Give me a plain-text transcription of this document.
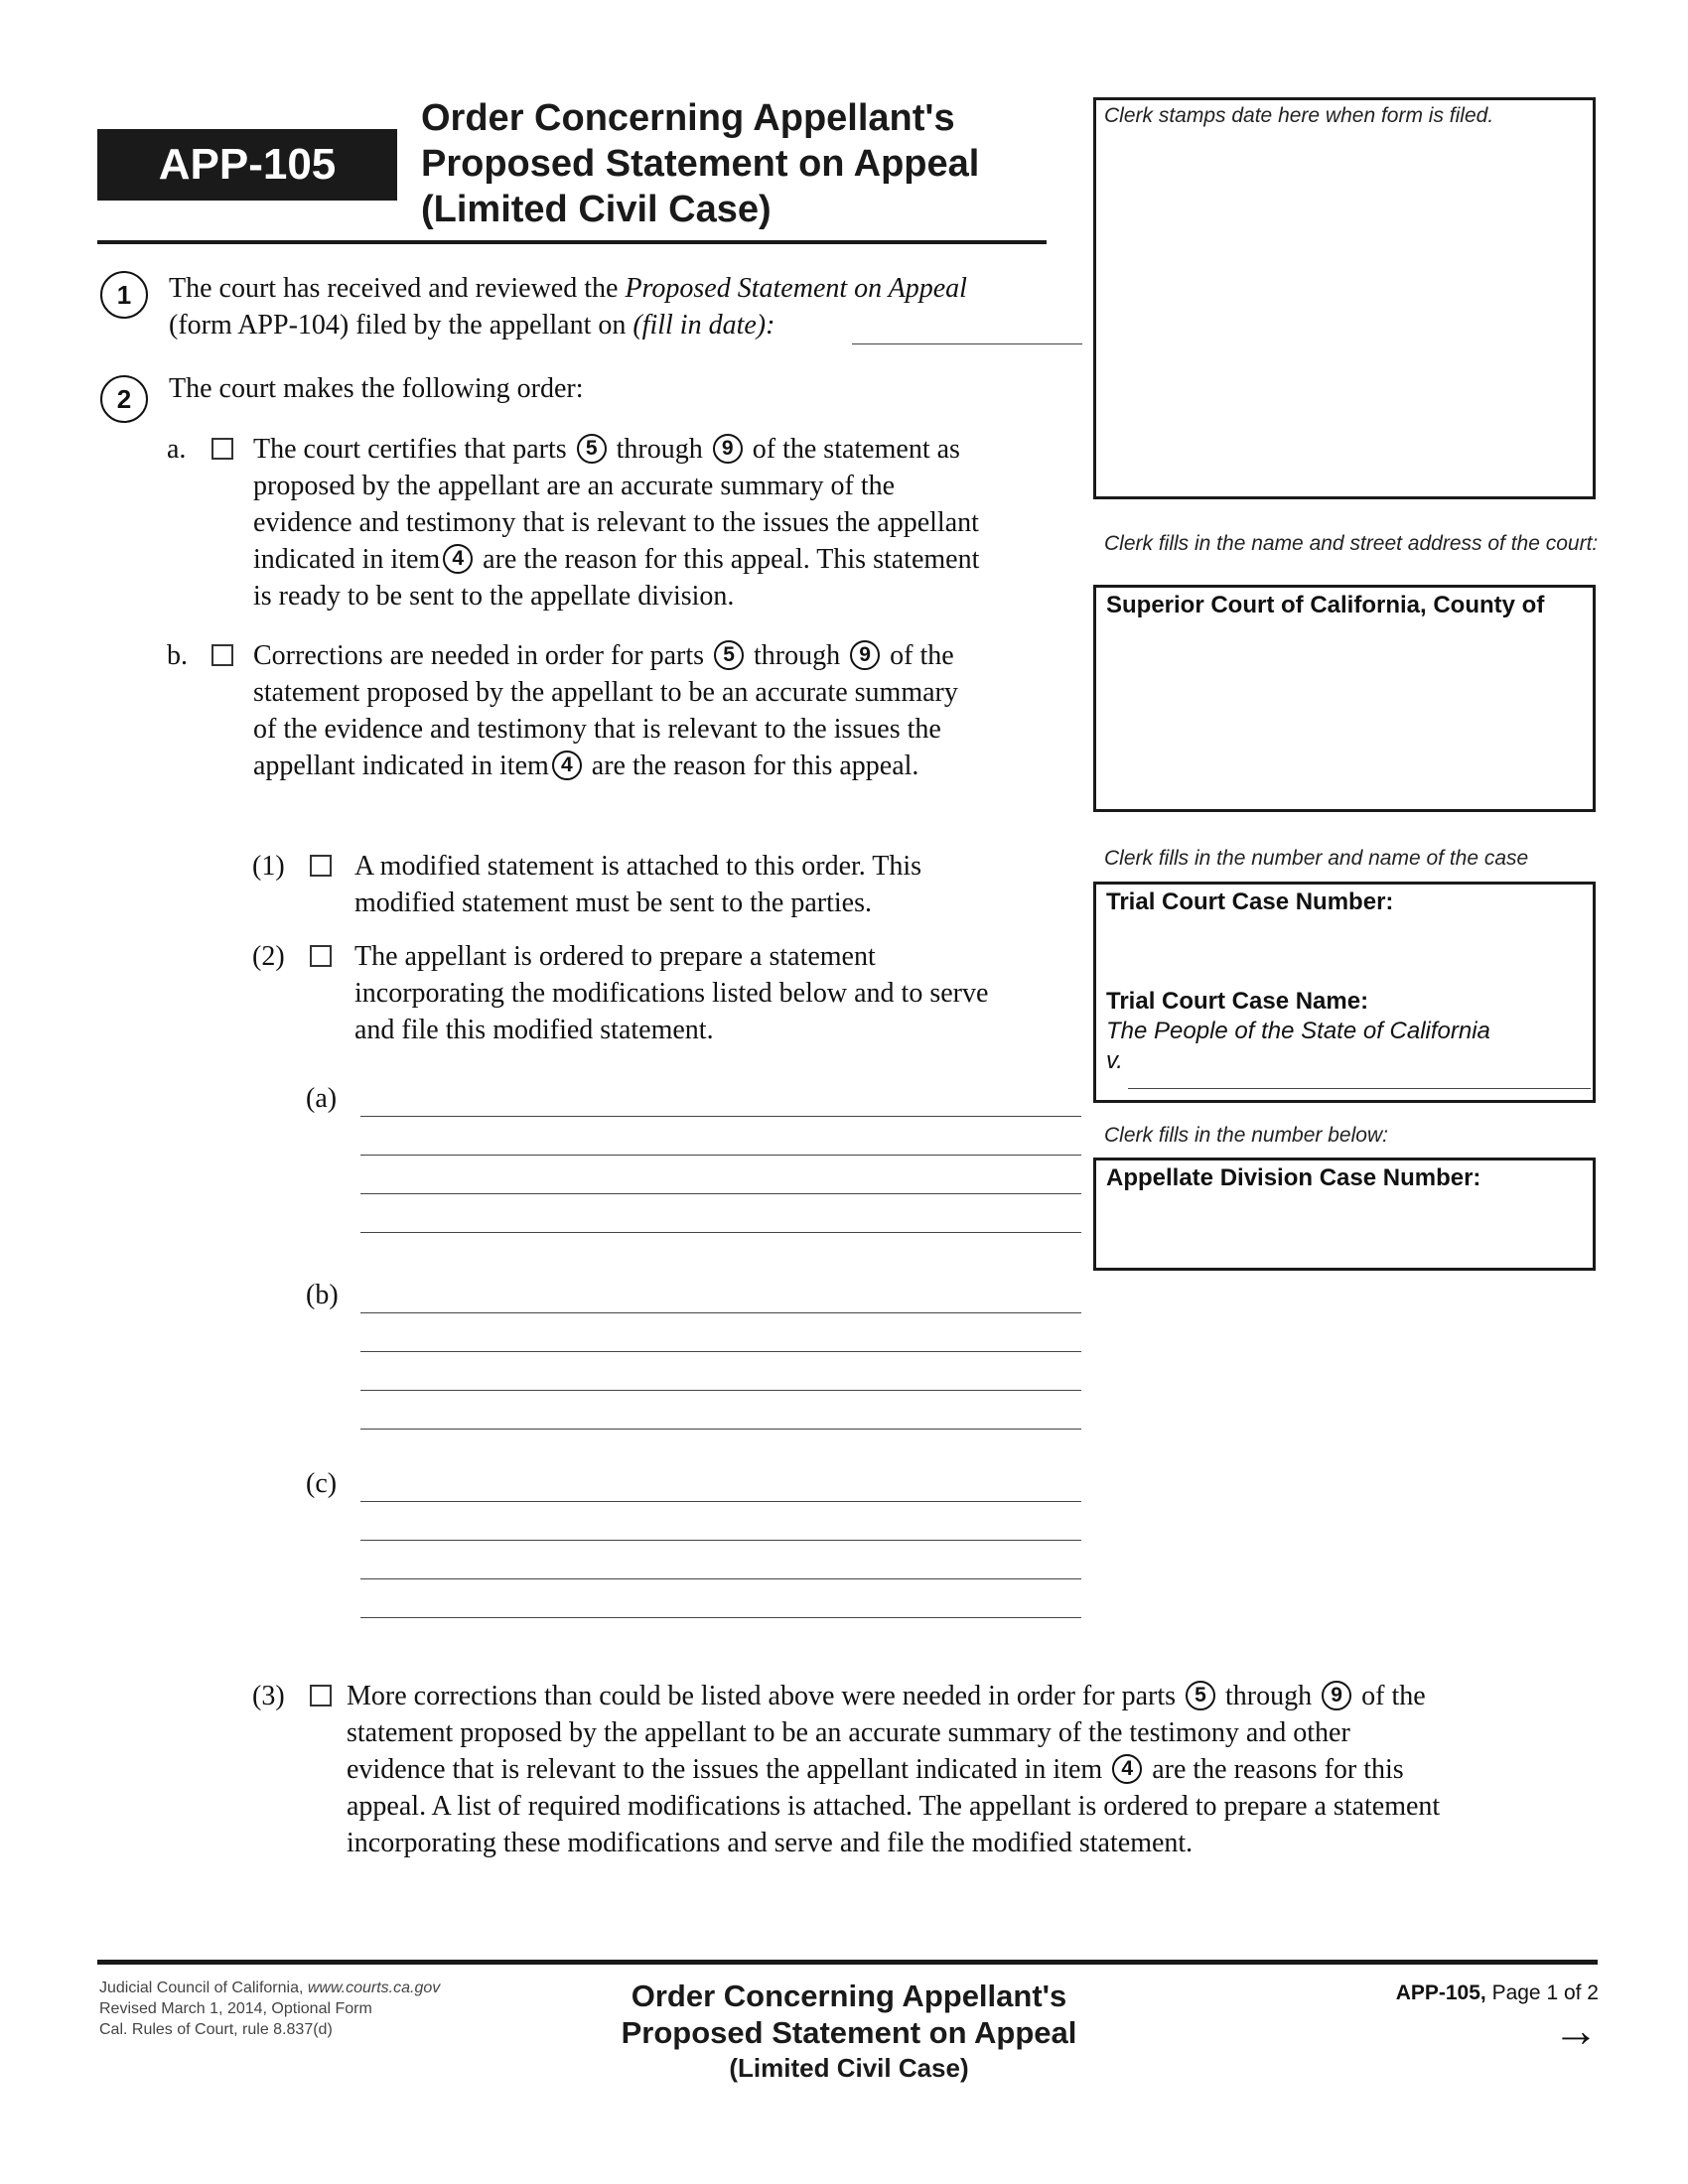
APP-105
Order Concerning Appellant's
Proposed Statement on Appeal
(Limited Civil Case)
Clerk stamps date here when form is filed.
Clerk fills in the name and street address of the court:
Superior Court of California, County of
Clerk fills in the number and name of the case
Trial Court Case Number:
Trial Court Case Name:
The People of the State of California
v.
Clerk fills in the number below:
Appellate Division Case Number:
1	The court has received and reviewed the Proposed Statement on Appeal
(form APP-104) filed by the appellant on (fill in date):
2	The court makes the following order:
a. The court certifies that parts 5 through 9 of the statement as
proposed by the appellant are an accurate summary of the
evidence and testimony that is relevant to the issues the appellant
indicated in item 4 are the reason for this appeal. This statement
is ready to be sent to the appellate division.
b. Corrections are needed in order for parts 5 through 9 of the
statement proposed by the appellant to be an accurate summary
of the evidence and testimony that is relevant to the issues the
appellant indicated in item 4 are the reason for this appeal.
(1)	A modified statement is attached to this order. This
modified statement must be sent to the parties.
(2)	The appellant is ordered to prepare a statement
incorporating the modifications listed below and to serve
and file this modified statement.
(a)
(b)
(c)
(3) More corrections than could be listed above were needed in order for parts 5 through 9 of the
statement proposed by the appellant to be an accurate summary of the testimony and other
evidence that is relevant to the issues the appellant indicated in item 4 are the reasons for this
appeal. A list of required modifications is attached. The appellant is ordered to prepare a statement
incorporating these modifications and serve and file the modified statement.
Judicial Council of California, www.courts.ca.gov
Revised March 1, 2014, Optional Form
Cal. Rules of Court, rule 8.837(d)
Order Concerning Appellant's
Proposed Statement on Appeal
(Limited Civil Case)
APP-105, Page 1 of 2
→
